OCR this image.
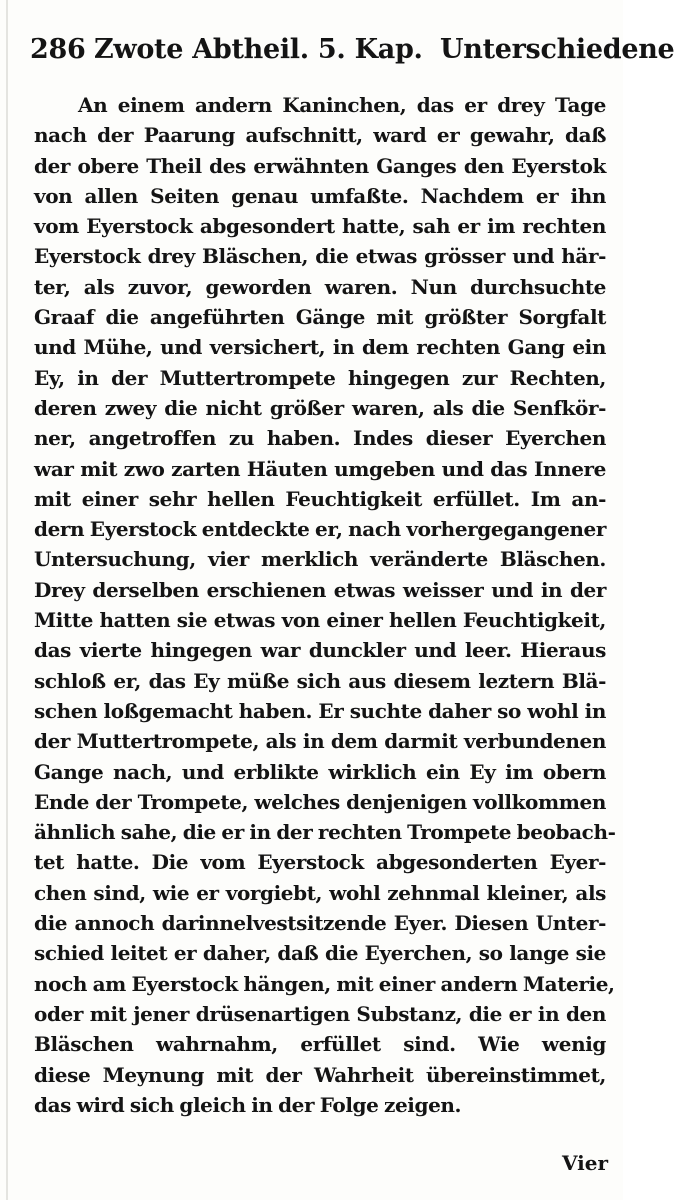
286 Zwote Abtheil. 5. Kap. Unterschiedene
An einem andern Kaninchen, das er drey Tage
nach der Paarung aufschnitt, ward er gewahr, daß
der obere Theil des erwähnten Ganges den Eyerstok
von allen Seiten genau umfaßte. Nachdem er ihn
vom Eyerstock abgesondert hatte, sah er im rechten
Eyerstock drey Bläschen, die etwas grösser und här-
ter, als zuvor, geworden waren. Nun durchsuchte
Graaf die angeführten Gänge mit größter Sorgfalt
und Mühe, und versichert, in dem rechten Gang ein
Ey, in der Muttertrompete hingegen zur Rechten,
deren zwey die nicht größer waren, als die Senfkör-
ner, angetroffen zu haben. Indes dieser Eyerchen
war mit zwo zarten Häuten umgeben und das Innere
mit einer sehr hellen Feuchtigkeit erfüllet. Im an-
dern Eyerstock entdeckte er, nach vorhergegangener
Untersuchung, vier merklich veränderte Bläschen.
Drey derselben erschienen etwas weisser und in der
Mitte hatten sie etwas von einer hellen Feuchtigkeit,
das vierte hingegen war dunckler und leer. Hieraus
schloß er, das Ey müße sich aus diesem leztern Blä-
schen loßgemacht haben. Er suchte daher so wohl in
der Muttertrompete, als in dem darmit verbundenen
Gange nach, und erblikte wirklich ein Ey im obern
Ende der Trompete, welches denjenigen vollkommen
ähnlich sahe, die er in der rechten Trompete beobach-
tet hatte. Die vom Eyerstock abgesonderten Eyer-
chen sind, wie er vorgiebt, wohl zehnmal kleiner, als
die annoch darinnelvestsitzende Eyer. Diesen Unter-
schied leitet er daher, daß die Eyerchen, so lange sie
noch am Eyerstock hängen, mit einer andern Materie,
oder mit jener drüsenartigen Substanz, die er in den
Bläschen wahrnahm, erfüllet sind. Wie wenig
diese Meynung mit der Wahrheit übereinstimmet,
das wird sich gleich in der Folge zeigen.
Vier
